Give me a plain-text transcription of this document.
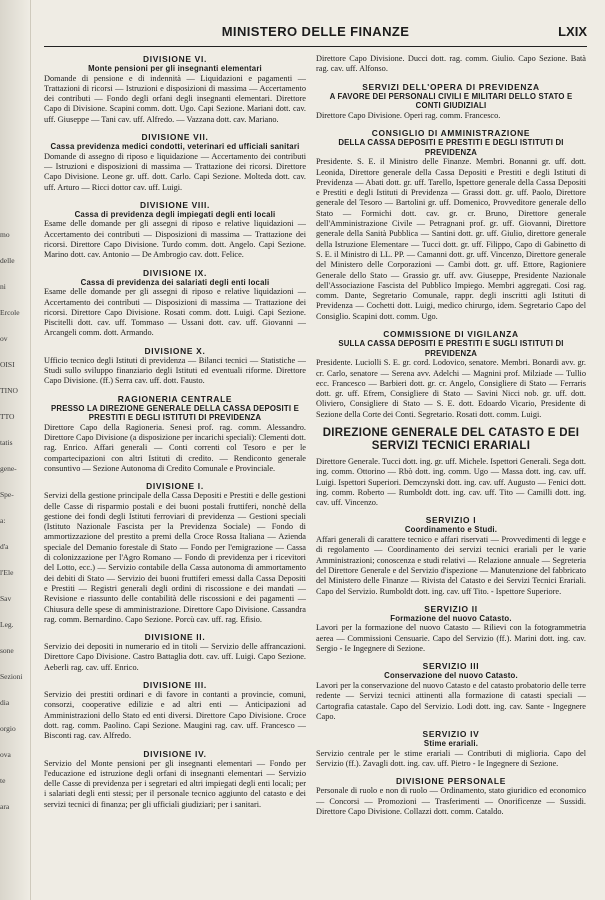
mo
delle
ni
Ercole
ov
OISI
TINO
TTO
tatis
gene-
Spe-
a:
d'a
l'Ele
Sav
Leg.
sone
Sezioni
dia
orgio
ova
te
ara
MINISTERO DELLE FINANZE	LXIX
DIVISIONE VI.
Monte pensioni per gli insegnanti elementari
Domande di pensione e di indennità — Liquidazioni e pagamenti — Trattazioni di ricorsi — Istruzioni e disposizioni di massima — Accertamento dei contributi — Fondo degli orfani degli insegnanti elementari. Direttore Capo di Divisione. Scapini comm. dott. Ugo. Capi Sezione. Mariani dott. cav. uff. Giuseppe — Tani cav. uff. Alfredo. — Vazzana dott. cav. Mariano.
DIVISIONE VII.
Cassa previdenza medici condotti, veterinari ed ufficiali sanitari
Domande di assegno di riposo e liquidazione — Accertamento dei contributi — Istruzioni e disposizioni di massima — Trattazione dei ricorsi. Direttore Capo Divisione. Leone gr. uff. dott. Carlo. Capi Sezione. Molteda dott. cav. uff. Arturo — Ricci dottor cav. uff. Luigi.
DIVISIONE VIII.
Cassa di previdenza degli impiegati degli enti locali
Esame delle domande per gli assegni di riposo e relative liquidazioni — Accertamento dei contributi — Disposizioni di massima — Trattazione dei ricorsi. Direttore Capo Divisione. Turdo comm. dott. Angelo. Capi Sezione. Marino dott. cav. Antonio — De Ambrogio cav. dott. Felice.
DIVISIONE IX.
Cassa di previdenza dei salariati degli enti locali
Esame delle domande per gli assegni di riposo e relative liquidazioni — Accertamento dei contributi — Disposizioni di massima — Trattazione dei ricorsi. Direttore Capo Divisione. Rosati comm. dott. Luigi. Capi Sezione. Piscitelli dott. cav. uff. Tommaso — Ussani dott. cav. uff. Giovanni — Arcangeli comm. dott. Armando.
DIVISIONE X.
Ufficio tecnico degli Istituti di previdenza — Bilanci tecnici — Statistiche — Studi sullo sviluppo finanziario degli Istituti ed eventuali riforme. Direttore Capo Divisione. (ff.) Serra cav. uff. dott. Fausto.
RAGIONERIA CENTRALE
PRESSO LA DIREZIONE GENERALE DELLA CASSA DEPOSITI E PRESTITI E DEGLI ISTITUTI DI PREVIDENZA
Direttore Capo della Ragioneria. Senesi prof. rag. comm. Alessandro. Direttore Capo Divisione (a disposizione per incarichi speciali): Clementi dott. rag. Enrico. Affari generali — Conti correnti col Tesoro e per le compartecipazioni con altri Istituti di credito. — Rendiconto generale consuntivo — Sezione Autonoma di Credito Comunale e Provinciale.
DIVISIONE I.
Servizi della gestione principale della Cassa Depositi e Prestiti e delle gestioni delle Casse di risparmio postali e dei buoni postali fruttiferi, nonchè della gestione dei fondi degli Istituti ferroviari di previdenza — Gestioni speciali (Istituto Nazionale Fascista per la Previdenza Sociale) — Fondo di ammortizzazione del prestito a premi della Croce Rossa Italiana — Azienda speciale del Demanio forestale di Stato — Fondo per l'emigrazione — Cassa di colonizzazione per l'Agro Romano — Fondo di previdenza per i ricevitori del Lotto, ecc.) — Servizio contabile della Cassa autonoma di ammortamento dei debiti di Stato — Servizio dei buoni fruttiferi emessi dalla Cassa Depositi e Prestiti — Registri generali degli ordini di riscossione e dei mandati — Revisione e riassunto delle contabilità delle riscossioni e dei pagamenti — Chiusura delle spese di amministrazione. Direttore Capo Divisione. Cassandra rag. comm. Bernardino. Capo Sezione. Porcù cav. uff. rag. Efisio.
DIVISIONE II.
Servizio dei depositi in numerario ed in titoli — Servizio delle affrancazioni. Direttore Capo Divisione. Castro Battaglia dott. cav. uff. Luigi. Capo Sezione. Aeberli rag. cav. uff. Enrico.
DIVISIONE III.
Servizio dei prestiti ordinari e di favore in contanti a provincie, comuni, consorzi, cooperative edilizie e ad altri enti — Anticipazioni ad Amministrazioni dello Stato ed enti diversi. Direttore Capo Divisione. Croce dott. rag. comm. Paolino. Capi Sezione. Maugini rag. cav. uff. Francesco — Bisconti rag. cav. Alfredo.
DIVISIONE IV.
Servizio del Monte pensioni per gli insegnanti elementari — Fondo per l'educazione ed istruzione degli orfani di insegnanti elementari — Servizio delle Casse di previdenza per i segretari ed altri impiegati degli enti locali; per i salariati degli enti stessi; per il personale tecnico aggiunto del catasto e dei servizi tecnici di finanza; per gli ufficiali giudiziari; per i sanitari.
Direttore Capo Divisione. Ducci dott. rag. comm. Giulio. Capo Sezione. Batà rag. cav. uff. Alfonso.
SERVIZI DELL'OPERA DI PREVIDENZA
A FAVORE DEI PERSONALI CIVILI E MILITARI DELLO STATO E CONTI GIUDIZIALI
Direttore Capo Divisione. Operi rag. comm. Francesco.
CONSIGLIO DI AMMINISTRAZIONE
DELLA CASSA DEPOSITI E PRESTITI E DEGLI ISTITUTI DI PREVIDENZA
Presidente. S. E. il Ministro delle Finanze. Membri. Bonanni gr. uff. dott. Leonida, Direttore generale della Cassa Depositi e Prestiti e degli Istituti di Previdenza — Abati dott. gr. uff. Tarello, Ispettore generale della Cassa Depositi e Prestiti e degli Istituti di Previdenza — Grassi dott. gr. uff. Paolo, Direttore generale del Tesoro — Bartolini gr. uff. Domenico, Provveditore generale dello Stato — Formichi dott. cav. gr. cr. Bruno, Direttore generale dell'Amministrazione Civile — Petragnani prof. gr. uff. Giovanni, Direttore generale della Sanità Pubblica — Santini dott. gr. uff. Giulio, direttore generale della Istruzione Elementare — Tucci dott. gr. uff. Filippo, Capo di Gabinetto di S. E. il Ministro di LL. PP. — Camanni dott. gr. uff. Vincenzo, Direttore generale del Ministero delle Corporazioni — Cambi dott. gr. uff. Ettore, Ragioniere Generale dello Stato — Grassio gr. uff. avv. Giuseppe, Presidente Nazionale dell'Associazione Fascista del Pubblico Impiego. Membri aggregati. Cosi rag. comm. Dante, Segretario Comunale, rappr. degli inscritti agli Istituti di Previdenza — Cochetti dott. Luigi, medico chirurgo, idem. Segretario Capo del Consiglio. Scapini dott. comm. Ugo.
COMMISSIONE DI VIGILANZA
SULLA CASSA DEPOSITI E PRESTITI E SUGLI ISTITUTI DI PREVIDENZA
Presidente. Luciolli S. E. gr. cord. Lodovico, senatore. Membri. Bonardi avv. gr. cr. Carlo, senatore — Serena avv. Adelchi — Magnini prof. Milziade — Tullio ecc. Francesco — Barbieri dott. gr. cr. Angelo, Consigliere di Stato — Ferraris dott. gr. uff. Efrem, Consigliere di Stato — Savini Nicci nob. gr. uff. dott. Oliviero, Consigliere di Stato — S. E. dott. Edoardo Vicario, Presidente di Sezione della Corte dei Conti. Segretario. Rosati dott. comm. Luigi.
DIREZIONE GENERALE DEL CATASTO E DEI SERVIZI TECNICI ERARIALI
Direttore Generale. Tucci dott. ing. gr. uff. Michele. Ispettori Generali. Sega dott. ing. comm. Ottorino — Rbò dott. ing. comm. Ugo — Massa dott. ing. cav. uff. Luigi. Ispettori Superiori. Demczynski dott. ing. cav. uff. Augusto — Fenici dott. ing. comm. Roberto — Rumboldt dott. ing. cav. uff. Tito — Camilli dott. ing. cav. uff. Vincenzo.
SERVIZIO I
Coordinamento e Studi.
Affari generali di carattere tecnico e affari riservati — Provvedimenti di legge e di regolamento — Coordinamento dei servizi tecnici erariali per le varie Amministrazioni; conoscenza e studi relativi — Relazione annuale — Segreteria del Direttore Generale e del Servizio d'ispezione — Manutenzione del fabbricato del Ministero delle Finanze — Rivista del Catasto e dei Servizi Tecnici Erariali. Capo del Servizio. Rumboldt dott. ing. cav. uff Tito. - Ispettore Superiore.
SERVIZIO II
Formazione del nuovo Catasto.
Lavori per la formazione del nuovo Catasto — Rilievi con la fotogrammetria aerea — Commissioni Censuarie. Capo del Servizio (ff.). Marini dott. ing. cav. Sergio - Ie Ingegnere di Sezione.
SERVIZIO III
Conservazione del nuovo Catasto.
Lavori per la conservazione del nuovo Catasto e del catasto probatorio delle terre redente — Servizi tecnici attinenti alla formazione di catasti speciali — Cartografia catastale. Capo del Servizio. Lodi dott. ing. cav. Sante - Ingegnere Capo.
SERVIZIO IV
Stime erariali.
Servizio centrale per le stime erariali — Contributi di miglioria. Capo del Servizio (ff.). Zavagli dott. ing. cav. uff. Pietro - Ie Ingegnere di Sezione.
DIVISIONE PERSONALE
Personale di ruolo e non di ruolo — Ordinamento, stato giuridico ed economico — Concorsi — Promozioni — Trasferimenti — Onorificenze — Sussidi. Direttore Capo Divisione. Collazzi dott. comm. Cataldo.
